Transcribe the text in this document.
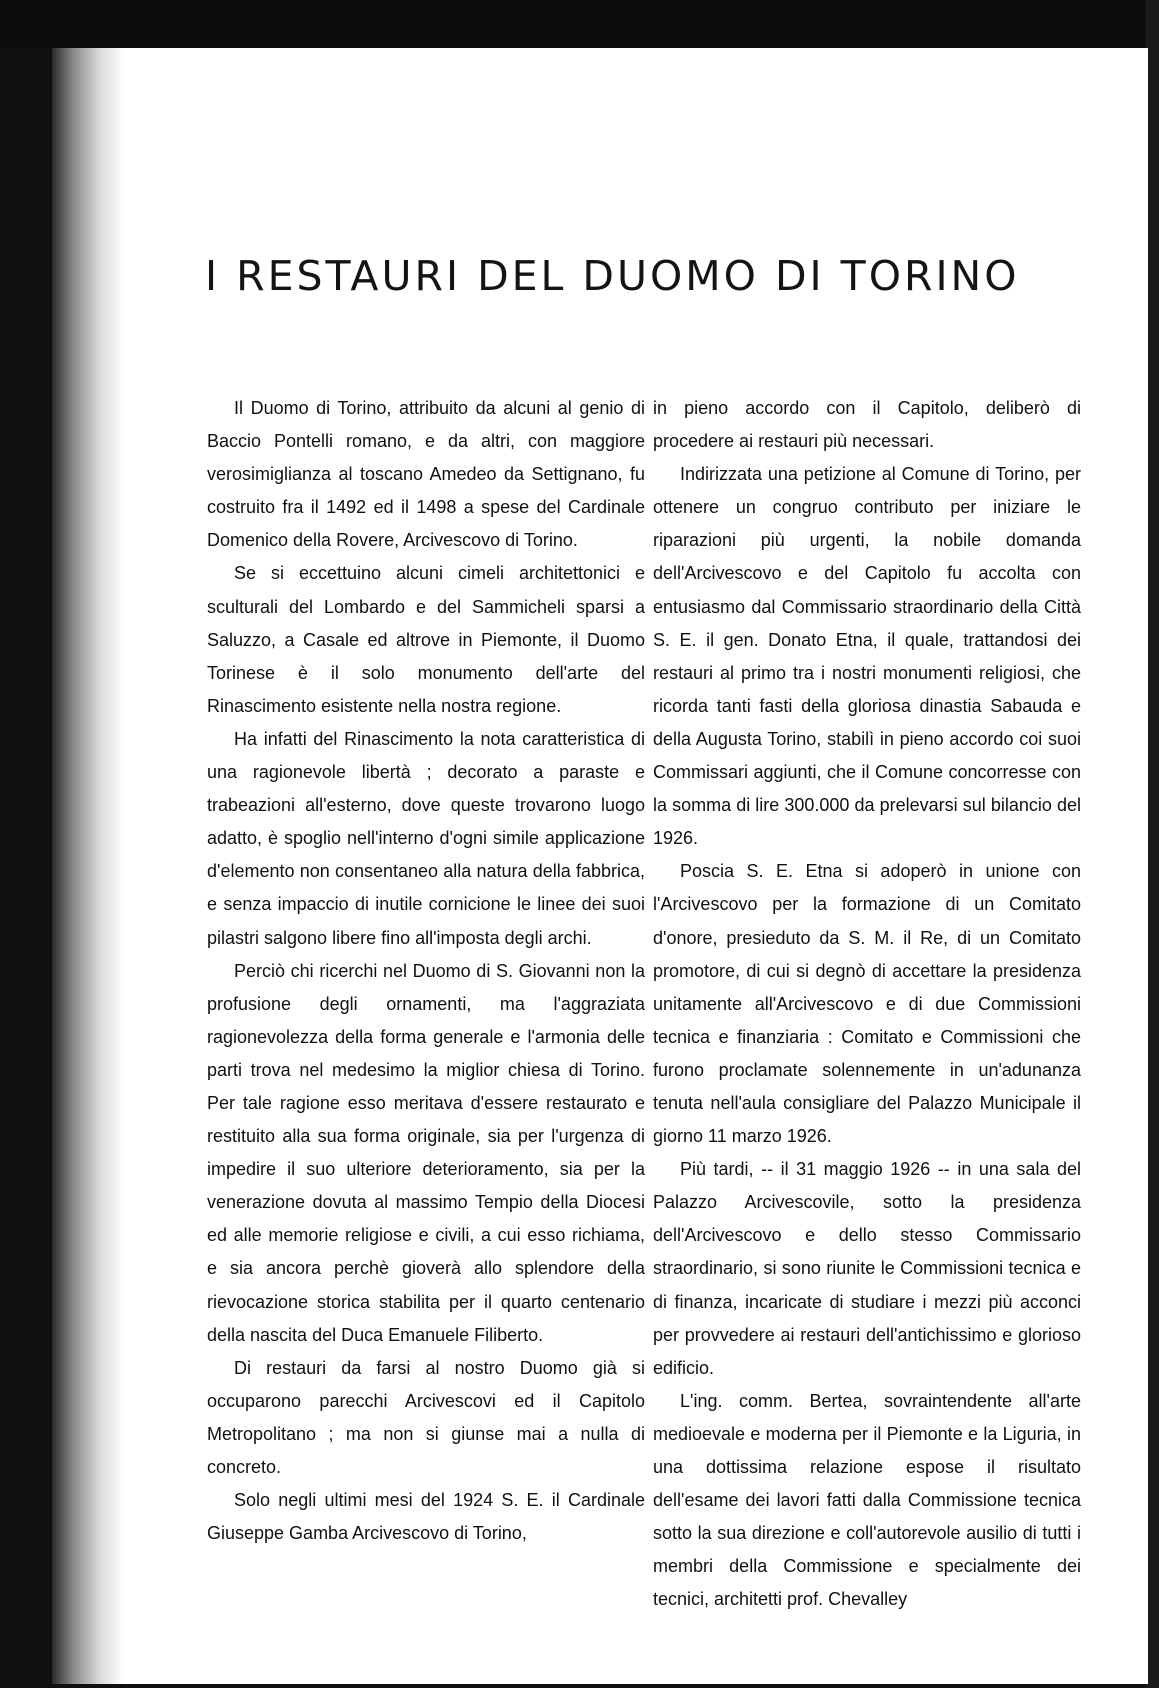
I RESTAURI DEL DUOMO DI TORINO

Il Duomo di Torino, attribuito da alcuni al genio di Baccio Pontelli romano, e da altri, con maggiore verosimiglianza al toscano Amedeo da Settignano, fu costruito fra il 1492 ed il 1498 a spese del Cardinale Domenico della Rovere, Arcivescovo di Torino.

Se si eccettuino alcuni cimeli architettonici e sculturali del Lombardo e del Sammicheli sparsi a Saluzzo, a Casale ed altrove in Piemonte, il Duomo Torinese è il solo monumento dell'arte del Rinascimento esistente nella nostra regione.

Ha infatti del Rinascimento la nota caratteristica di una ragionevole libertà ; decorato a paraste e trabeazioni all'esterno, dove queste trovarono luogo adatto, è spoglio nell'interno d'ogni simile applicazione d'elemento non consentaneo alla natura della fabbrica, e senza impaccio di inutile cornicione le linee dei suoi pilastri salgono libere fino all'imposta degli archi.

Perciò chi ricerchi nel Duomo di S. Giovanni non la profusione degli ornamenti, ma l'aggraziata ragionevolezza della forma generale e l'armonia delle parti trova nel medesimo la miglior chiesa di Torino. Per tale ragione esso meritava d'essere restaurato e restituito alla sua forma originale, sia per l'urgenza di impedire il suo ulteriore deterioramento, sia per la venerazione dovuta al massimo Tempio della Diocesi ed alle memorie religiose e civili, a cui esso richiama, e sia ancora perchè gioverà allo splendore della rievocazione storica stabilita per il quarto centenario della nascita del Duca Emanuele Filiberto.

Di restauri da farsi al nostro Duomo già si occuparono parecchi Arcivescovi ed il Capitolo Metropolitano ; ma non si giunse mai a nulla di concreto.

Solo negli ultimi mesi del 1924 S. E. il Cardinale Giuseppe Gamba Arcivescovo di Torino,

in pieno accordo con il Capitolo, deliberò di procedere ai restauri più necessari.

Indirizzata una petizione al Comune di Torino, per ottenere un congruo contributo per iniziare le riparazioni più urgenti, la nobile domanda dell'Arcivescovo e del Capitolo fu accolta con entusiasmo dal Commissario straordinario della Città S. E. il gen. Donato Etna, il quale, trattandosi dei restauri al primo tra i nostri monumenti religiosi, che ricorda tanti fasti della gloriosa dinastia Sabauda e della Augusta Torino, stabilì in pieno accordo coi suoi Commissari aggiunti, che il Comune concorresse con la somma di lire 300.000 da prelevarsi sul bilancio del 1926.

Poscia S. E. Etna si adoperò in unione con l'Arcivescovo per la formazione di un Comitato d'onore, presieduto da S. M. il Re, di un Comitato promotore, di cui si degnò di accettare la presidenza unitamente all'Arcivescovo e di due Commissioni tecnica e finanziaria : Comitato e Commissioni che furono proclamate solennemente in un'adunanza tenuta nell'aula consigliare del Palazzo Municipale il giorno 11 marzo 1926.

Più tardi, -- il 31 maggio 1926 -- in una sala del Palazzo Arcivescovile, sotto la presidenza dell'Arcivescovo e dello stesso Commissario straordinario, si sono riunite le Commissioni tecnica e di finanza, incaricate di studiare i mezzi più acconci per provvedere ai restauri dell'antichissimo e glorioso edificio.

L'ing. comm. Bertea, sovraintendente all'arte medioevale e moderna per il Piemonte e la Liguria, in una dottissima relazione espose il risultato dell'esame dei lavori fatti dalla Commissione tecnica sotto la sua direzione e coll'autorevole ausilio di tutti i membri della Commissione e specialmente dei tecnici, architetti prof. Chevalley
